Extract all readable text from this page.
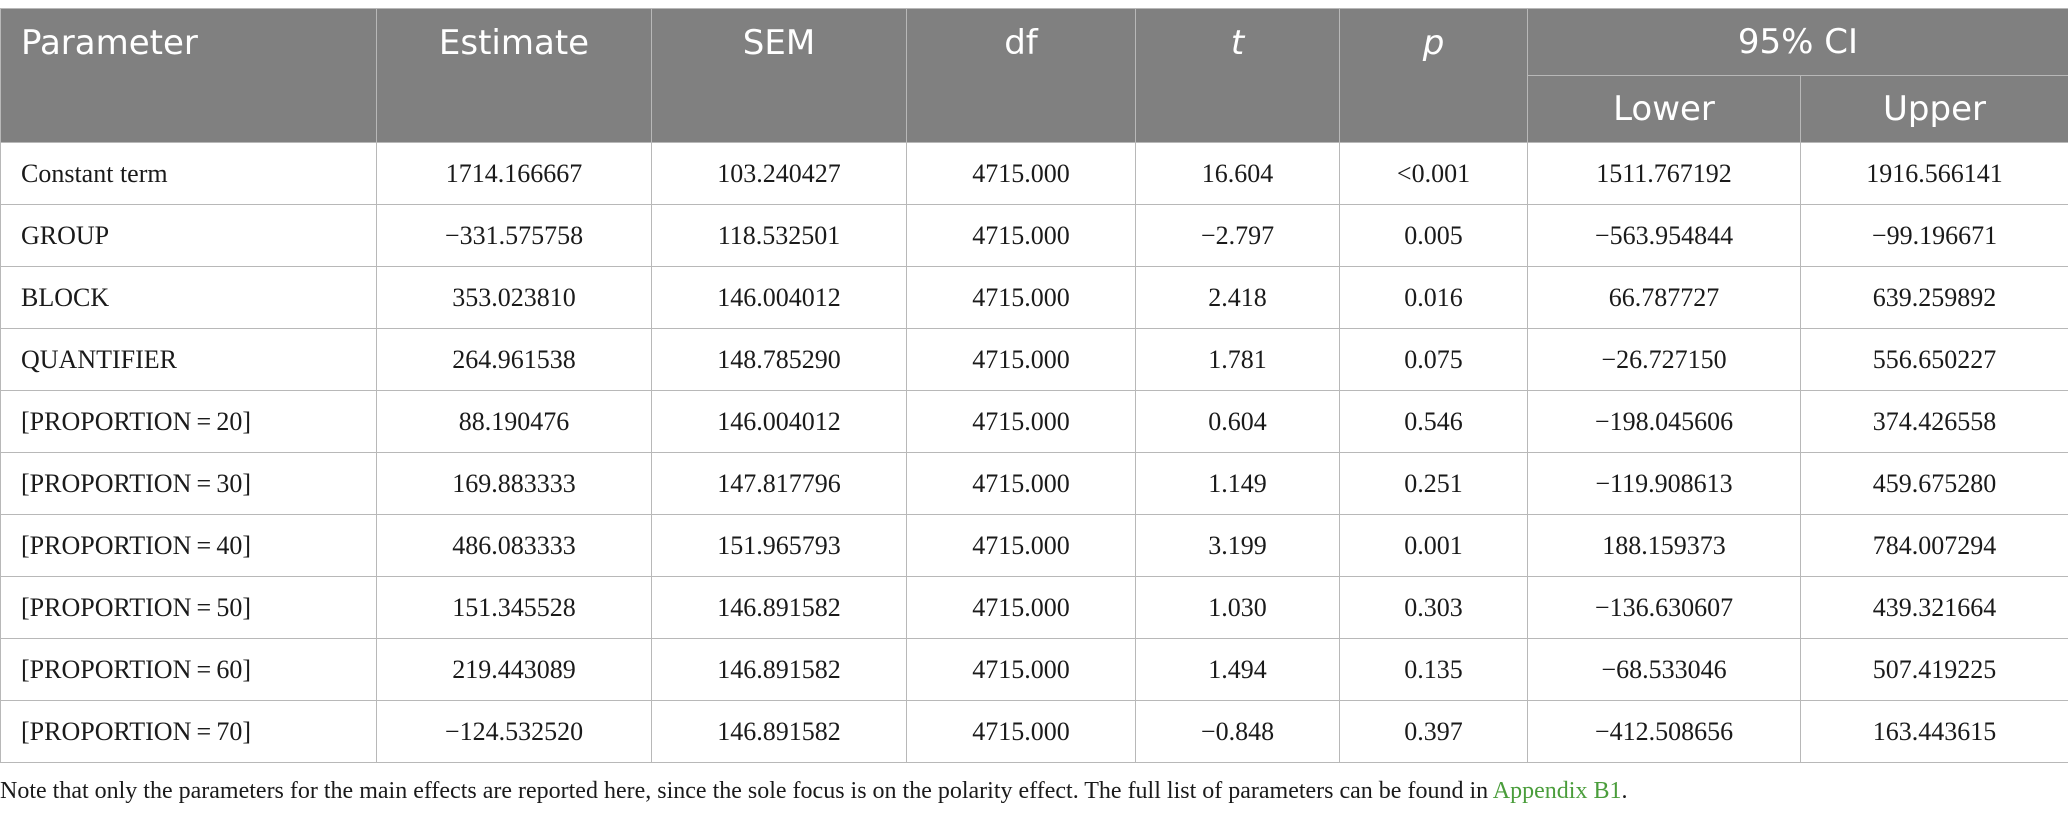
Parameter	Estimate	SEM	df	t	p	95% CI	
						Lower	Upper
Constant term	1714.166667	103.240427	4715.000	16.604	<0.001	1511.767192	1916.566141
GROUP	−331.575758	118.532501	4715.000	−2.797	0.005	−563.954844	−99.196671
BLOCK	353.023810	146.004012	4715.000	2.418	0.016	66.787727	639.259892
QUANTIFIER	264.961538	148.785290	4715.000	1.781	0.075	−26.727150	556.650227
[PROPORTION = 20]	88.190476	146.004012	4715.000	0.604	0.546	−198.045606	374.426558
[PROPORTION = 30]	169.883333	147.817796	4715.000	1.149	0.251	−119.908613	459.675280
[PROPORTION = 40]	486.083333	151.965793	4715.000	3.199	0.001	188.159373	784.007294
[PROPORTION = 50]	151.345528	146.891582	4715.000	1.030	0.303	−136.630607	439.321664
[PROPORTION = 60]	219.443089	146.891582	4715.000	1.494	0.135	−68.533046	507.419225
[PROPORTION = 70]	−124.532520	146.891582	4715.000	−0.848	0.397	−412.508656	163.443615
Note that only the parameters for the main effects are reported here, since the sole focus is on the polarity effect. The full list of parameters can be found in Appendix B1.
